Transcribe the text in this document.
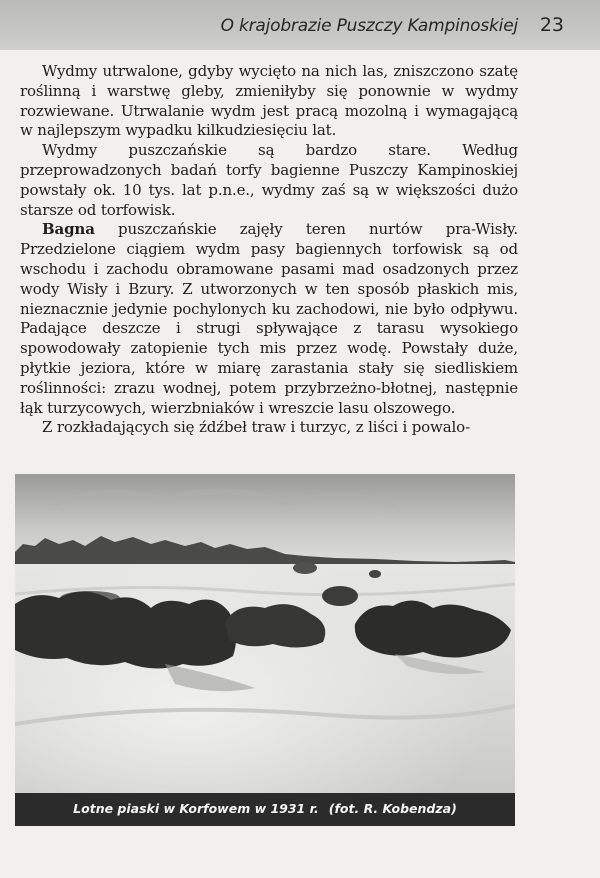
O krajobrazie Puszczy Kampinoskiej 23

Wydmy utrwalone, gdyby wycięto na nich las, zniszczono szatę roślinną i warstwę gleby, zmieniłyby się ponownie w wydmy rozwiewane. Utrwalanie wydm jest pracą mozolną i wymagającą w najlepszym wypadku kilkudziesięciu lat.

Wydmy puszczańskie są bardzo stare. Według przeprowadzonych badań torfy bagienne Puszczy Kampinoskiej powstały ok. 10 tys. lat p.n.e., wydmy zaś są w większości dużo starsze od torfowisk.

Bagna puszczańskie zajęły teren nurtów pra-Wisły. Przedzielone ciągiem wydm pasy bagiennych torfowisk są od wschodu i zachodu obramowane pasami mad osadzonych przez wody Wisły i Bzury. Z utworzonych w ten sposób płaskich mis, nieznacznie jedynie pochylonych ku zachodowi, nie było odpływu. Padające deszcze i strugi spływające z tarasu wysokiego spowodowały zatopienie tych mis przez wodę. Powstały duże, płytkie jeziora, które w miarę zarastania stały się siedliskiem roślinności: zrazu wodnej, potem przybrzeżno-błotnej, następnie łąk turzycowych, wierzbniaków i wreszcie lasu olszowego.

Z rozkładających się źdźbeł traw i turzyc, z liści i powalo-

Lotne piaski w Korfowem w 1931 r. (fot. R. Kobendza)
